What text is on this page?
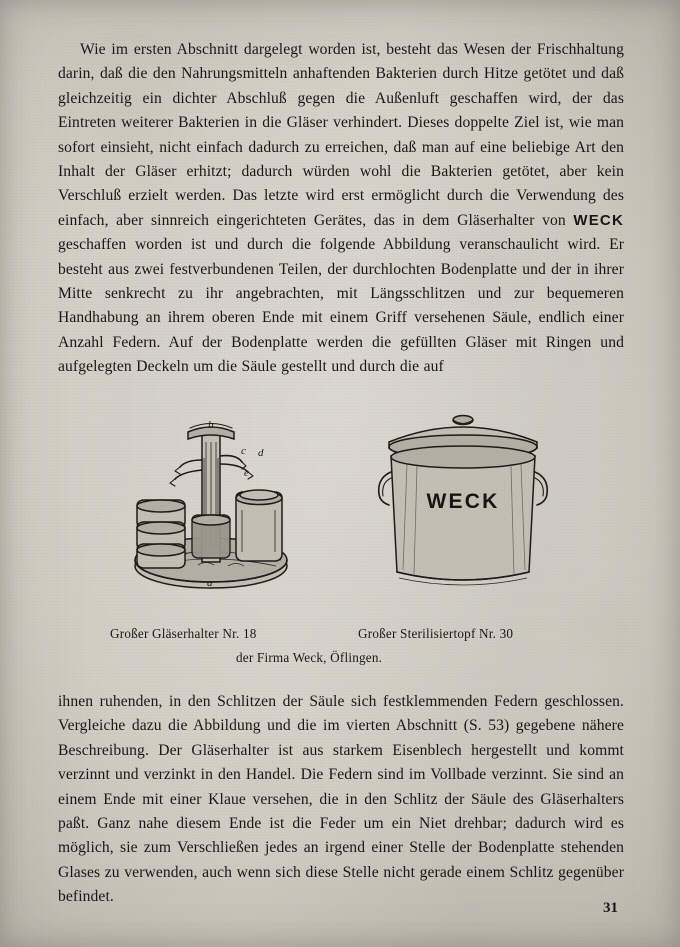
Wie im ersten Abschnitt dargelegt worden ist, besteht das Wesen der Frischhaltung darin, daß die den Nahrungsmitteln anhaftenden Bakterien durch Hitze getötet und daß gleichzeitig ein dichter Abschluß gegen die Außenluft geschaffen wird, der das Eintreten weiterer Bakterien in die Gläser verhindert. Dieses doppelte Ziel ist, wie man sofort einsieht, nicht einfach dadurch zu erreichen, daß man auf eine beliebige Art den Inhalt der Gläser erhitzt; dadurch würden wohl die Bakterien getötet, aber kein Verschluß erzielt werden. Das letzte wird erst ermöglicht durch die Verwendung des einfach, aber sinnreich eingerichteten Gerätes, das in dem Gläserhalter von WECK geschaffen worden ist und durch die folgende Abbildung veranschaulicht wird. Er besteht aus zwei festverbundenen Teilen, der durchlochten Bodenplatte und der in ihrer Mitte senkrecht zu ihr angebrachten, mit Längsschlitzen und zur bequemeren Handhabung an ihrem oberen Ende mit einem Griff versehenen Säule, endlich einer Anzahl Federn. Auf der Bodenplatte werden die gefüllten Gläser mit Ringen und aufgelegten Deckeln um die Säule gestellt und durch die auf

b
c d
e
a
WECK
Großer Gläserhalter Nr. 18	Großer Sterilisiertopf Nr. 30
der Firma Weck, Öflingen.

ihnen ruhenden, in den Schlitzen der Säule sich festklemmenden Federn geschlossen. Vergleiche dazu die Abbildung und die im vierten Abschnitt (S. 53) gegebene nähere Beschreibung. Der Gläserhalter ist aus starkem Eisenblech hergestellt und kommt verzinnt und verzinkt in den Handel. Die Federn sind im Vollbade verzinnt. Sie sind an einem Ende mit einer Klaue versehen, die in den Schlitz der Säule des Gläserhalters paßt. Ganz nahe diesem Ende ist die Feder um ein Niet drehbar; dadurch wird es möglich, sie zum Verschließen jedes an irgend einer Stelle der Bodenplatte stehenden Glases zu verwenden, auch wenn sich diese Stelle nicht gerade einem Schlitz gegenüber befindet.

31
